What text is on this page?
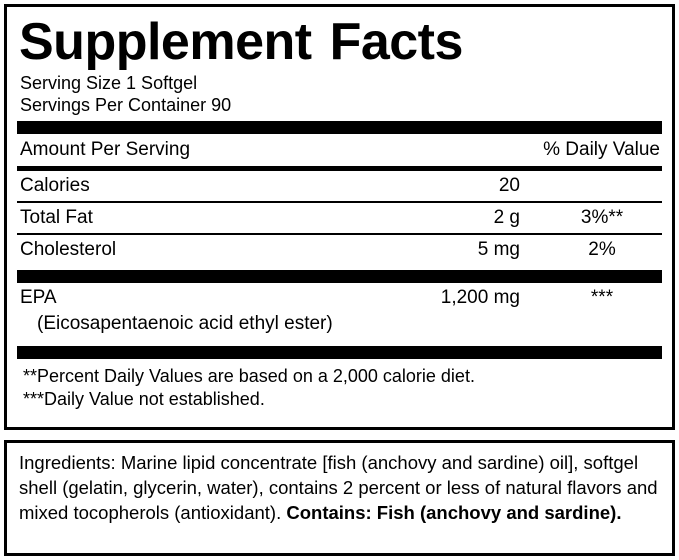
Supplement Facts
Serving Size 1 Softgel
Servings Per Container 90
Amount Per Serving	% Daily Value
Calories	20
Total Fat	2 g	3%**
Cholesterol	5 mg	2%
EPA	1,200 mg	***
(Eicosapentaenoic acid ethyl ester)
**Percent Daily Values are based on a 2,000 calorie diet.
***Daily Value not established.
Ingredients: Marine lipid concentrate [fish (anchovy and sardine) oil], softgel shell (gelatin, glycerin, water), contains 2 percent or less of natural flavors and mixed tocopherols (antioxidant). Contains: Fish (anchovy and sardine).
